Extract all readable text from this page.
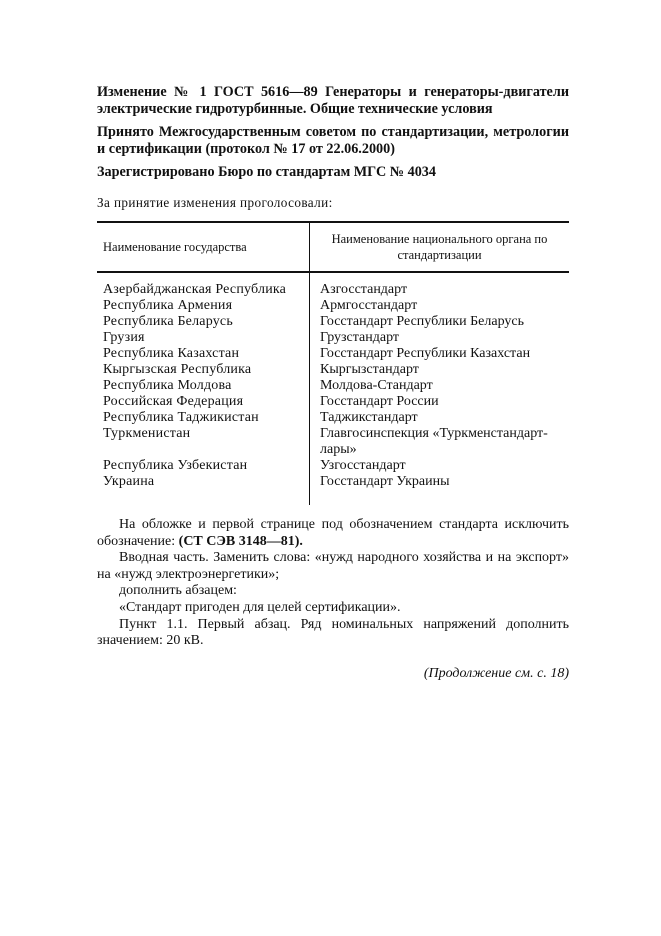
Изменение № 1 ГОСТ 5616—89 Генераторы и генераторы-двигатели электрические гидротурбинные. Общие технические условия

Принято Межгосударственным советом по стандартизации, метрологии и сертификации (протокол № 17 от 22.06.2000)

Зарегистрировано Бюро по стандартам МГС № 4034

За принятие изменения проголосовали:
Наименование государства	Наименование национального органа по стандартизации
Азербайджанская Республика	Азгосстандарт
Республика Армения	Армгосстандарт
Республика Беларусь	Госстандарт Республики Беларусь
Грузия	Грузстандарт
Республика Казахстан	Госстандарт Республики Казахстан
Кыргызская Республика	Кыргызстандарт
Республика Молдова	Молдова-Стандарт
Российская Федерация	Госстандарт России
Республика Таджикистан	Таджикстандарт
Туркменистан	Главгосинспекция «Туркменстандарт-лары»
Республика Узбекистан	Узгосстандарт
Украина	Госстандарт Украины

На обложке и первой странице под обозначением стандарта исключить обозначение: (СТ СЭВ 3148—81).

Вводная часть. Заменить слова: «нужд народного хозяйства и на экспорт» на «нужд электроэнергетики»;

дополнить абзацем:

«Стандарт пригоден для целей сертификации».

Пункт 1.1. Первый абзац. Ряд номинальных напряжений дополнить значением: 20 кВ.

(Продолжение см. с. 18)
